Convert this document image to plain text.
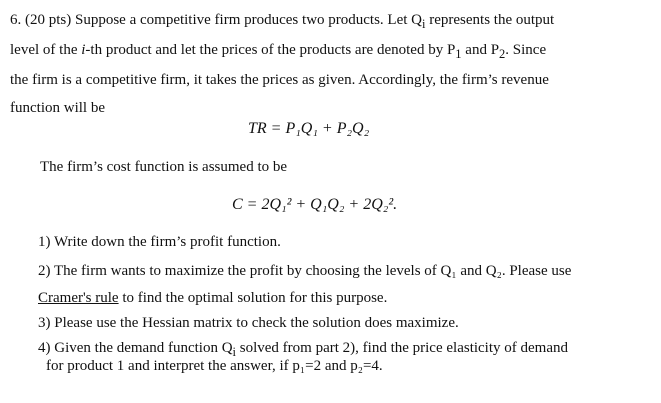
6. (20 pts) Suppose a competitive firm produces two products. Let $Q_i$ represents the output
level of the i-th product and let the prices of the products are denoted by $P_1$ and $P_2$. Since
the firm is a competitive firm, it takes the prices as given. Accordingly, the firm’s revenue
function will be
TR = P₁Q₁ + P₂Q₂
The firm’s cost function is assumed to be
C = 2Q₁² + Q₁Q₂ + 2Q₂².
1) Write down the firm’s profit function.
2) The firm wants to maximize the profit by choosing the levels of Q₁ and Q₂. Please use
Cramer's rule to find the optimal solution for this purpose.
3) Please use the Hessian matrix to check the solution does maximize.
4) Given the demand function $Q_i$ solved from part 2), find the price elasticity of demand
for product 1 and interpret the answer, if p₁=2 and p₂=4.
